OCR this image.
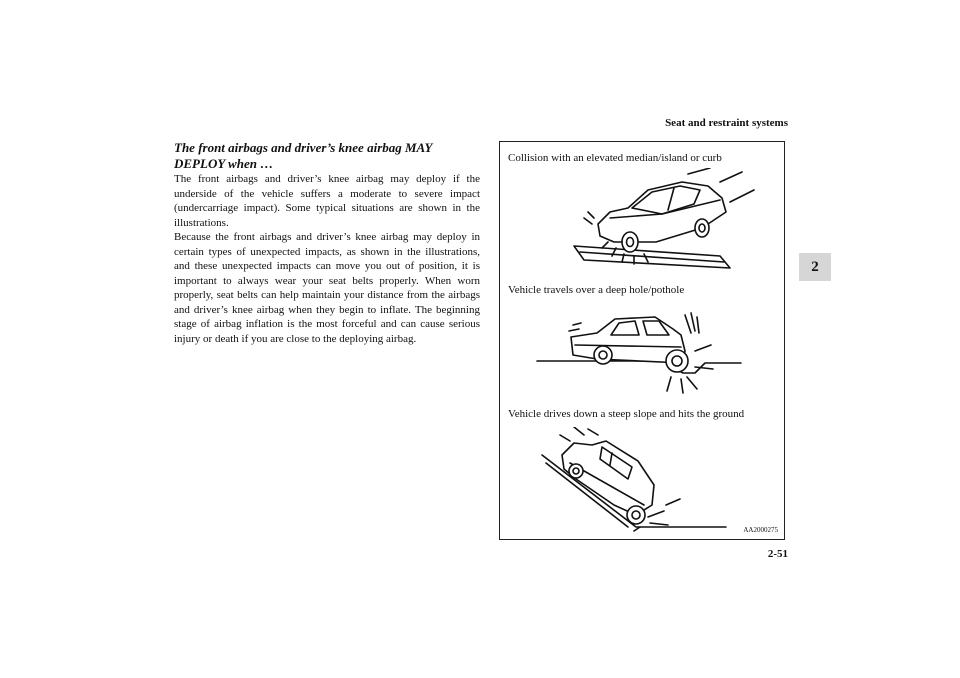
Seat and restraint systems
2
The front airbags and driver’s knee airbag MAY DEPLOY when …
The front airbags and driver’s knee airbag may deploy if the underside of the vehicle suffers a moderate to severe impact (undercarriage impact). Some typical situations are shown in the illustrations.
Because the front airbags and driver’s knee airbag may deploy in certain types of unexpected impacts, as shown in the illustrations, and these unexpected impacts can move you out of position, it is important to always wear your seat belts properly. When worn properly, seat belts can help maintain your distance from the airbags and driver’s knee airbag when they begin to inflate. The beginning stage of airbag inflation is the most forceful and can cause serious injury or death if you are close to the deploying airbag.
Collision with an elevated median/island or curb
Vehicle travels over a deep hole/pothole
Vehicle drives down a steep slope and hits the ground
AA2000275
2-51
